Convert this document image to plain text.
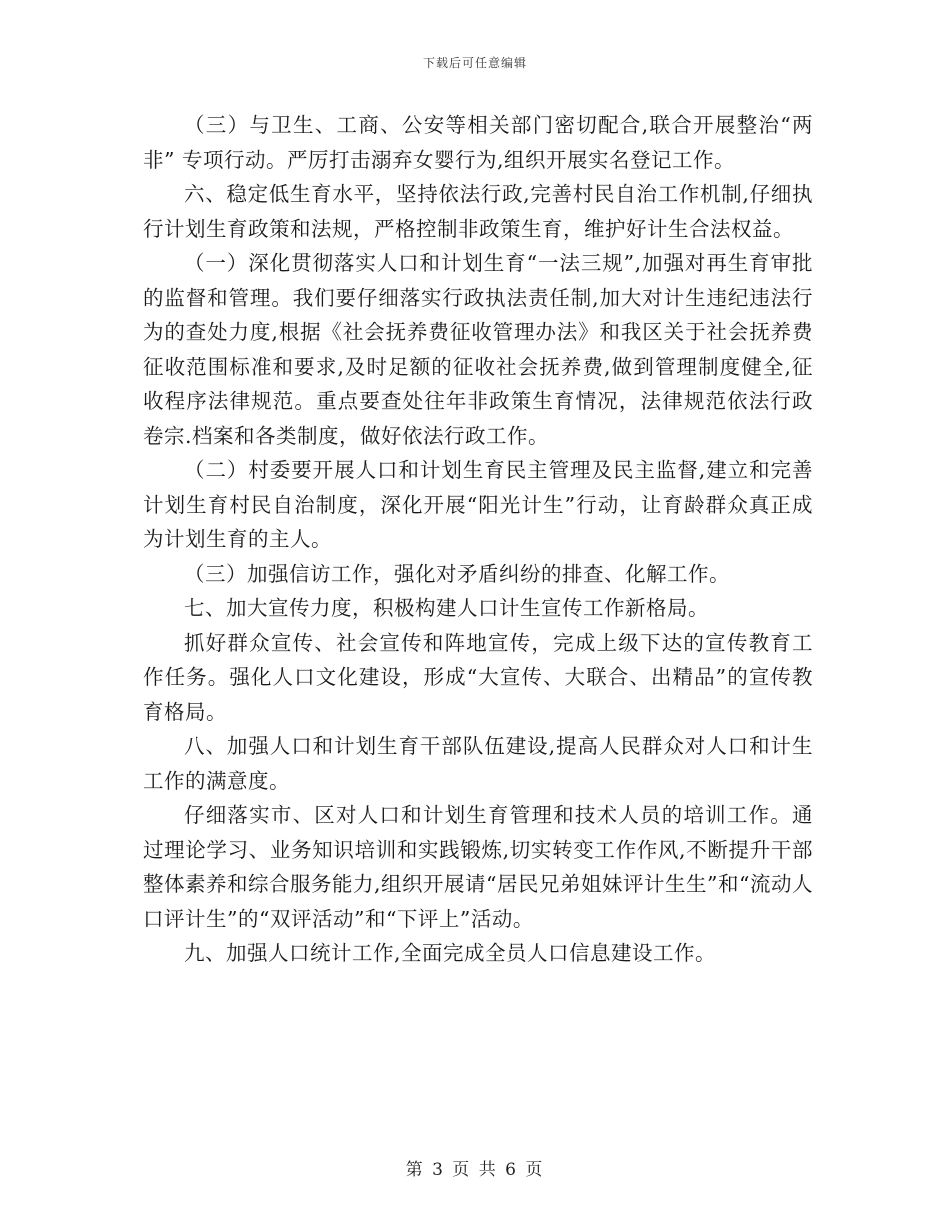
下载后可任意编辑

（三）与卫生、工商、公安等相关部门密切配合,联合开展整治“两非” 专项行动。严厉打击溺弃女婴行为,组织开展实名登记工作。

六、稳定低生育水平，坚持依法行政,完善村民自治工作机制,仔细执行计划生育政策和法规，严格控制非政策生育，维护好计生合法权益。

（一）深化贯彻落实人口和计划生育“一法三规”,加强对再生育审批的监督和管理。我们要仔细落实行政执法责任制,加大对计生违纪违法行为的查处力度,根据《社会抚养费征收管理办法》和我区关于社会抚养费征收范围标准和要求,及时足额的征收社会抚养费,做到管理制度健全,征收程序法律规范。重点要查处往年非政策生育情况，法律规范依法行政卷宗.档案和各类制度，做好依法行政工作。

（二）村委要开展人口和计划生育民主管理及民主监督,建立和完善计划生育村民自治制度，深化开展“阳光计生”行动，让育龄群众真正成为计划生育的主人。

（三）加强信访工作，强化对矛盾纠纷的排查、化解工作。

七、加大宣传力度，积极构建人口计生宣传工作新格局。

抓好群众宣传、社会宣传和阵地宣传，完成上级下达的宣传教育工作任务。强化人口文化建设，形成“大宣传、大联合、出精品”的宣传教育格局。

八、加强人口和计划生育干部队伍建设,提高人民群众对人口和计生工作的满意度。

仔细落实市、区对人口和计划生育管理和技术人员的培训工作。通过理论学习、业务知识培训和实践锻炼,切实转变工作作风,不断提升干部整体素养和综合服务能力,组织开展请“居民兄弟姐妹评计生生”和“流动人口评计生”的“双评活动”和“下评上”活动。

九、加强人口统计工作,全面完成全员人口信息建设工作。

第 3 页 共 6 页
